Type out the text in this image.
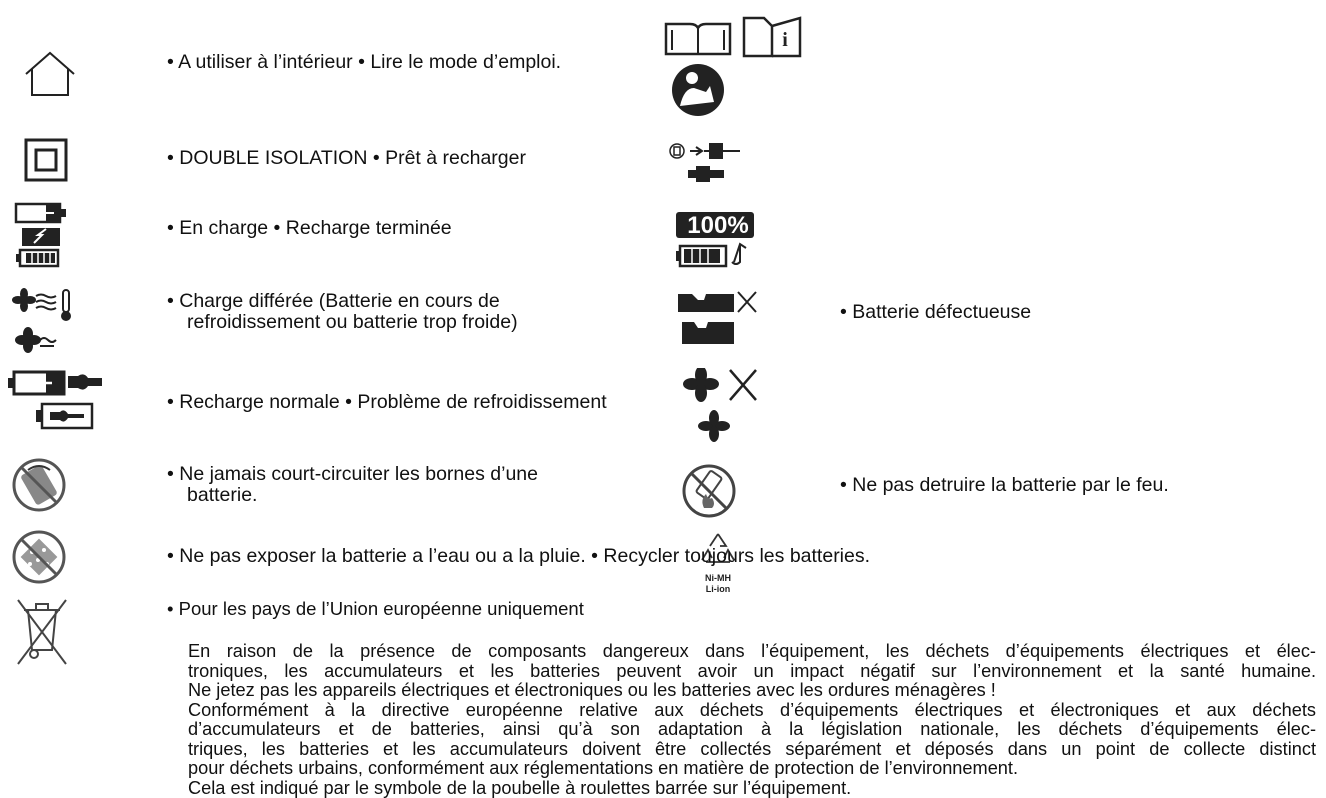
i
100%
Ni-MH
Li-ion
• A utiliser à l’intérieur • Lire le mode d’emploi.
• DOUBLE ISOLATION • Prêt à recharger
• En charge • Recharge terminée
• Charge différée (Batterie en cours de
refroidissement ou batterie trop froide)	• Batterie défectueuse
• Recharge normale • Problème de refroidissement
• Ne jamais court-circuiter les bornes d’une
batterie.	• Ne pas detruire la batterie par le feu.
• Ne pas exposer la batterie a l’eau ou a la pluie. • Recycler toujours les batteries.
• Pour les pays de l’Union européenne uniquement
En raison de la présence de composants dangereux dans l’équipement, les déchets d’équipements électriques et élec-
troniques, les accumulateurs et les batteries peuvent avoir un impact négatif sur l’environnement et la santé humaine.
Ne jetez pas les appareils électriques et électroniques ou les batteries avec les ordures ménagères !
Conformément à la directive européenne relative aux déchets d’équipements électriques et électroniques et aux déchets
d’accumulateurs et de batteries, ainsi qu’à son adaptation à la législation nationale, les déchets d’équipements élec-
triques, les batteries et les accumulateurs doivent être collectés séparément et déposés dans un point de collecte distinct
pour déchets urbains, conformément aux réglementations en matière de protection de l’environnement.
Cela est indiqué par le symbole de la poubelle à roulettes barrée sur l’équipement.
